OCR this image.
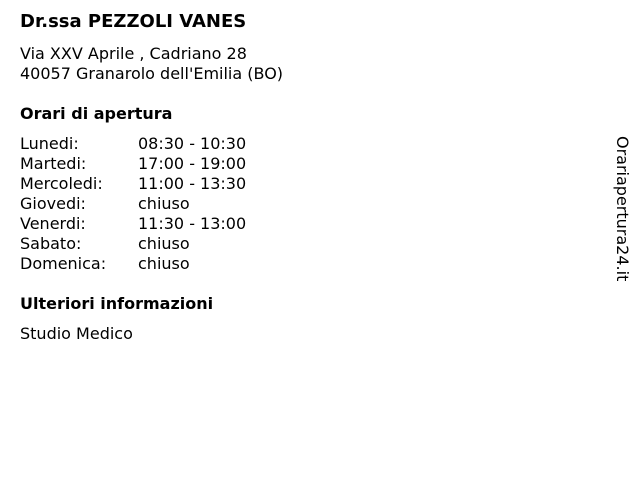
Dr.ssa PEZZOLI VANES
Via XXV Aprile , Cadriano 28
40057 Granarolo dell'Emilia (BO)
Orari di apertura
Lunedi:	08:30 - 10:30
Martedi:	17:00 - 19:00
Mercoledi: 11:00 - 13:30
Giovedi:	chiuso
Venerdi:	11:30 - 13:00
Sabato:	chiuso
Domenica: chiuso
Ulteriori informazioni
Studio Medico
Orariapertura24.it
